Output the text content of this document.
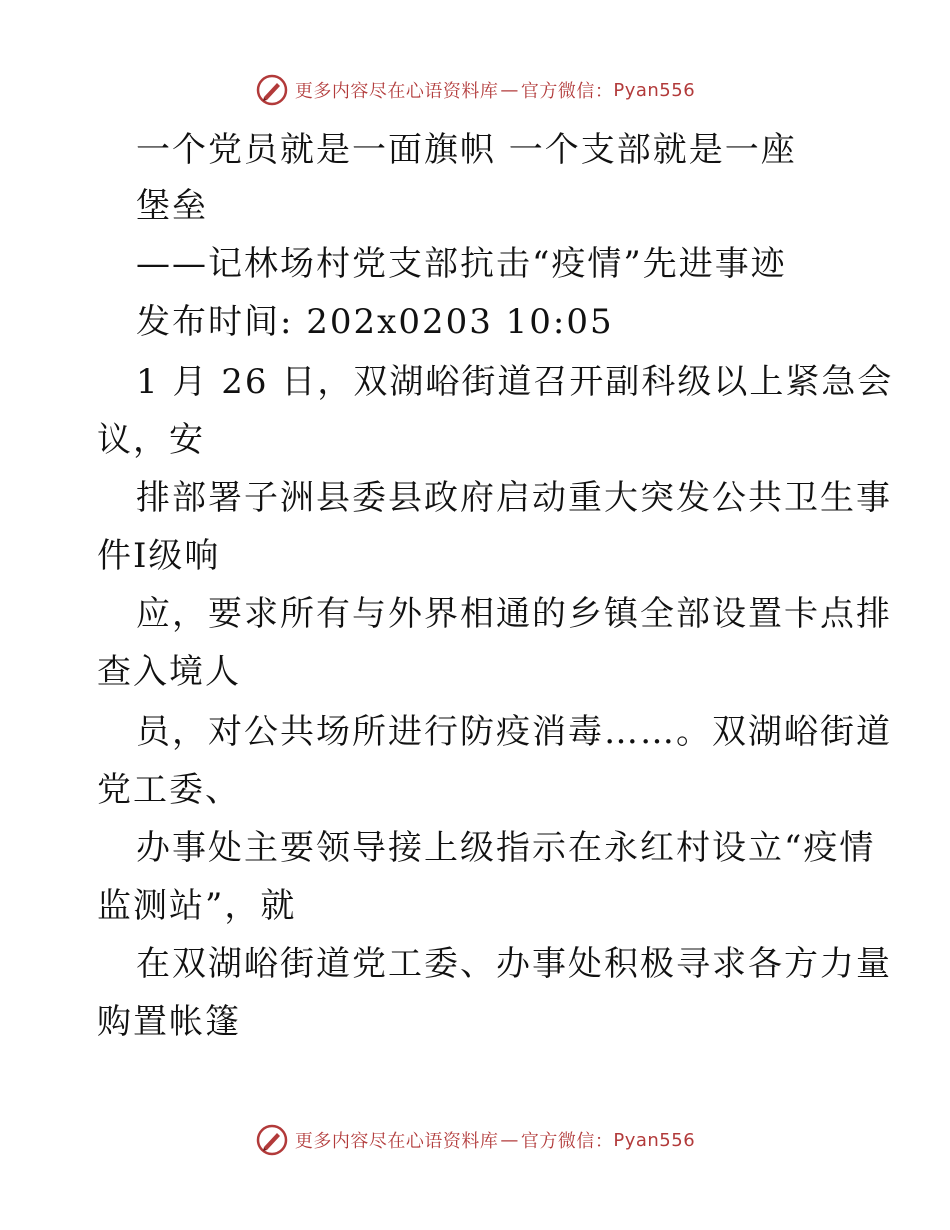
更多内容尽在心语资料库 — 官方微信： Pyan556
一个党员就是一面旗帜 一个支部就是一座
堡垒
——记林场村党支部抗击“疫情”先进事迹
发布时间: 202x0203 10:05
1 月 26 日，双湖峪街道召开副科级以上紧急会
议，安
排部署子洲县委县政府启动重大突发公共卫生事
件Ⅰ级响
应，要求所有与外界相通的乡镇全部设置卡点排
查入境人
员，对公共场所进行防疫消毒……。双湖峪街道
党工委、
办事处主要领导接上级指示在永红村设立“疫情
监测站”，就
在双湖峪街道党工委、办事处积极寻求各方力量
购置帐篷
更多内容尽在心语资料库 — 官方微信： Pyan556
